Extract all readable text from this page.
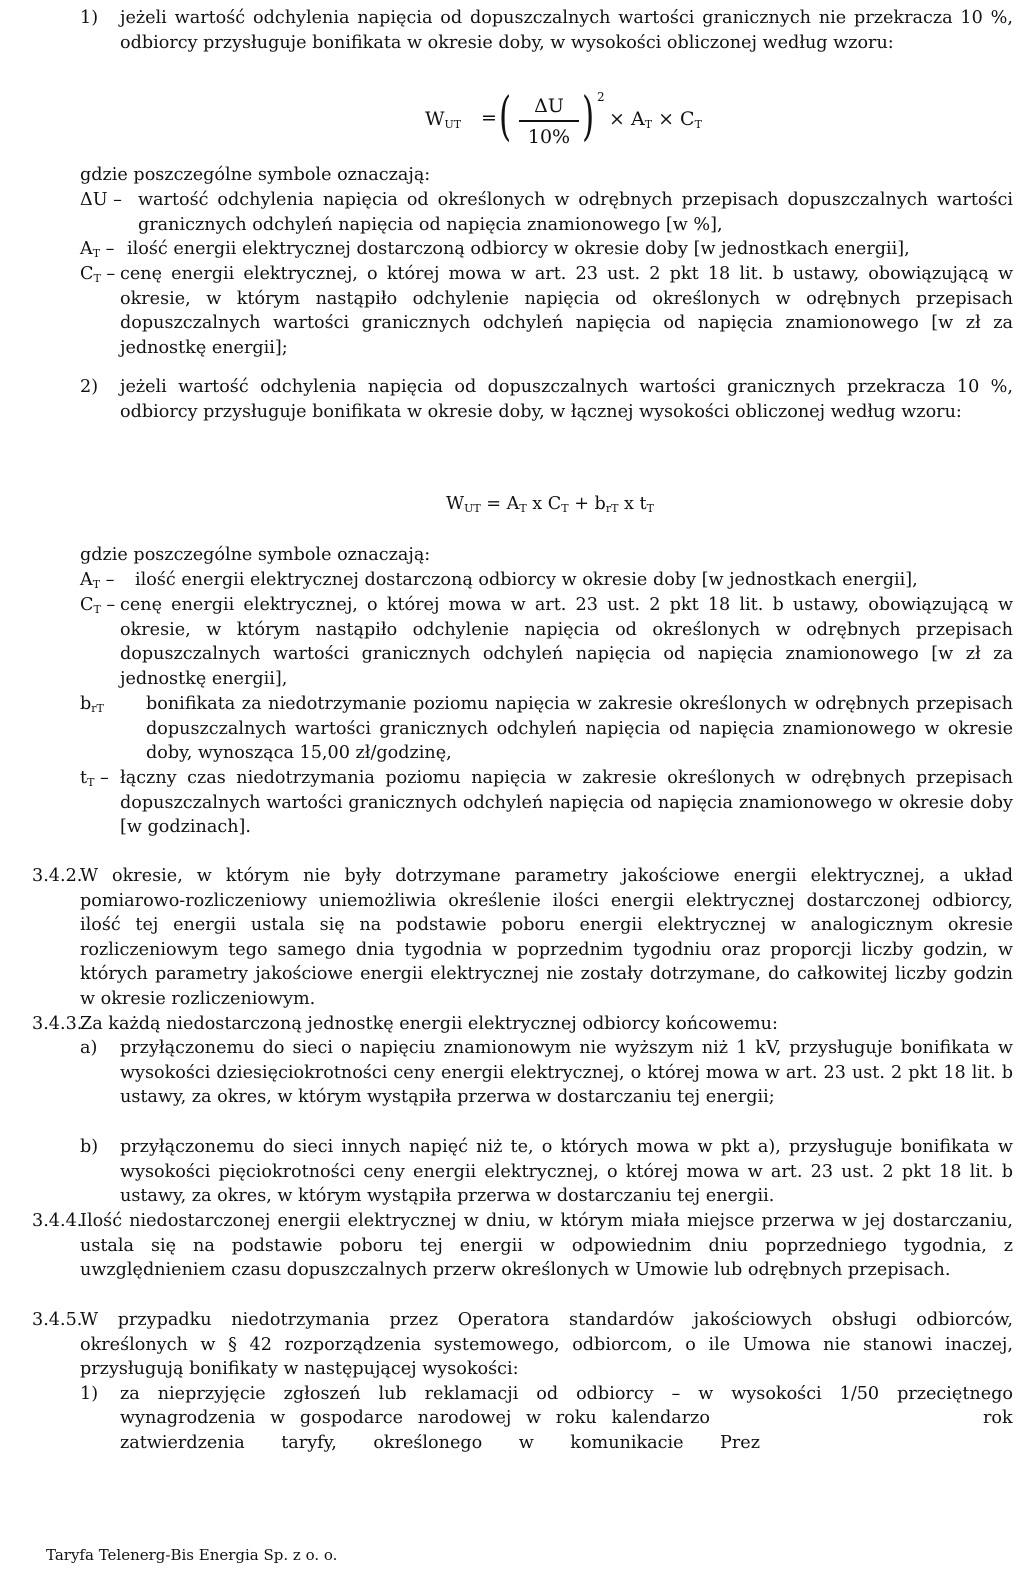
1) jeżeli wartość odchylenia napięcia od dopuszczalnych wartości granicznych nie przekracza 10 %, odbiorcy przysługuje bonifikata w okresie doby, w wysokości obliczonej według wzoru:

$W_{UT}$ = (	ΔU
10% ) 2
× $A_T \times C_T$

gdzie poszczególne symbole oznaczają:

ΔU – wartość odchylenia napięcia od określonych w odrębnych przepisach dopuszczalnych wartości granicznych odchyleń napięcia od napięcia znamionowego [w %],

$A_T$ – ilość energii elektrycznej dostarczoną odbiorcy w okresie doby [w jednostkach energii],

$C_T$ – cenę energii elektrycznej, o której mowa w art. 23 ust. 2 pkt 18 lit. b ustawy, obowiązującą w okresie, w którym nastąpiło odchylenie napięcia od określonych w odrębnych przepisach dopuszczalnych wartości granicznych odchyleń napięcia od napięcia znamionowego [w zł za jednostkę energii];

2) jeżeli wartość odchylenia napięcia od dopuszczalnych wartości granicznych przekracza 10 %, odbiorcy przysługuje bonifikata w okresie doby, w łącznej wysokości obliczonej według wzoru:

$W_{UT} = A_T$ x $C_T + b_{rT}$ x $t_T$

gdzie poszczególne symbole oznaczają:

$A_T$ – ilość energii elektrycznej dostarczoną odbiorcy w okresie doby [w jednostkach energii],

$C_T$ – cenę energii elektrycznej, o której mowa w art. 23 ust. 2 pkt 18 lit. b ustawy, obowiązującą w okresie, w którym nastąpiło odchylenie napięcia od określonych w odrębnych przepisach dopuszczalnych wartości granicznych odchyleń napięcia od napięcia znamionowego [w zł za jednostkę energii],

$b_{rT}$ bonifikata za niedotrzymanie poziomu napięcia w zakresie określonych w odrębnych przepisach dopuszczalnych wartości granicznych odchyleń napięcia od napięcia znamionowego w okresie doby, wynosząca 15,00 zł/godzinę,

$t_T$ – łączny czas niedotrzymania poziomu napięcia w zakresie określonych w odrębnych przepisach dopuszczalnych wartości granicznych odchyleń napięcia od napięcia znamionowego w okresie doby [w godzinach].

3.4.2.

W okresie, w którym nie były dotrzymane parametry jakościowe energii elektrycznej, a układ pomiarowo-rozliczeniowy uniemożliwia określenie ilości energii elektrycznej dostarczonej odbiorcy, ilość tej energii ustala się na podstawie poboru energii elektrycznej w analogicznym okresie rozliczeniowym tego samego dnia tygodnia w poprzednim tygodniu oraz proporcji liczby godzin, w których parametry jakościowe energii elektrycznej nie zostały dotrzymane, do całkowitej liczby godzin w okresie rozliczeniowym.

3.4.3.

Za każdą niedostarczoną jednostkę energii elektrycznej odbiorcy końcowemu:

a) przyłączonemu do sieci o napięciu znamionowym nie wyższym niż 1 kV, przysługuje bonifikata w wysokości dziesięciokrotności ceny energii elektrycznej, o której mowa w art. 23 ust. 2 pkt 18 lit. b ustawy, za okres, w którym wystąpiła przerwa w dostarczaniu tej energii;

b) przyłączonemu do sieci innych napięć niż te, o których mowa w pkt a), przysługuje bonifikata w wysokości pięciokrotności ceny energii elektrycznej, o której mowa w art. 23 ust. 2 pkt 18 lit. b ustawy, za okres, w którym wystąpiła przerwa w dostarczaniu tej energii.

3.4.4.

Ilość niedostarczonej energii elektrycznej w dniu, w którym miała miejsce przerwa w jej dostarczaniu, ustala się na podstawie poboru tej energii w odpowiednim dniu poprzedniego tygodnia, z uwzględnieniem czasu dopuszczalnych przerw określonych w Umowie lub odrębnych przepisach.

3.4.5.

W przypadku niedotrzymania przez Operatora standardów jakościowych obsługi odbiorców, określonych w § 42 rozporządzenia systemowego, odbiorcom, o ile Umowa nie stanowi inaczej, przysługują bonifikaty w następującej wysokości:

1) za nieprzyjęcie zgłoszeń lub reklamacji od odbiorcy – w wysokości 1/50 przeciętnego

wynagrodzenia w gospodarce narodowej w roku kalendarzo	rok

zatwierdzenia taryfy, określonego w komunikacie Prez

Taryfa Telenerg-Bis Energia Sp. z o. o.
